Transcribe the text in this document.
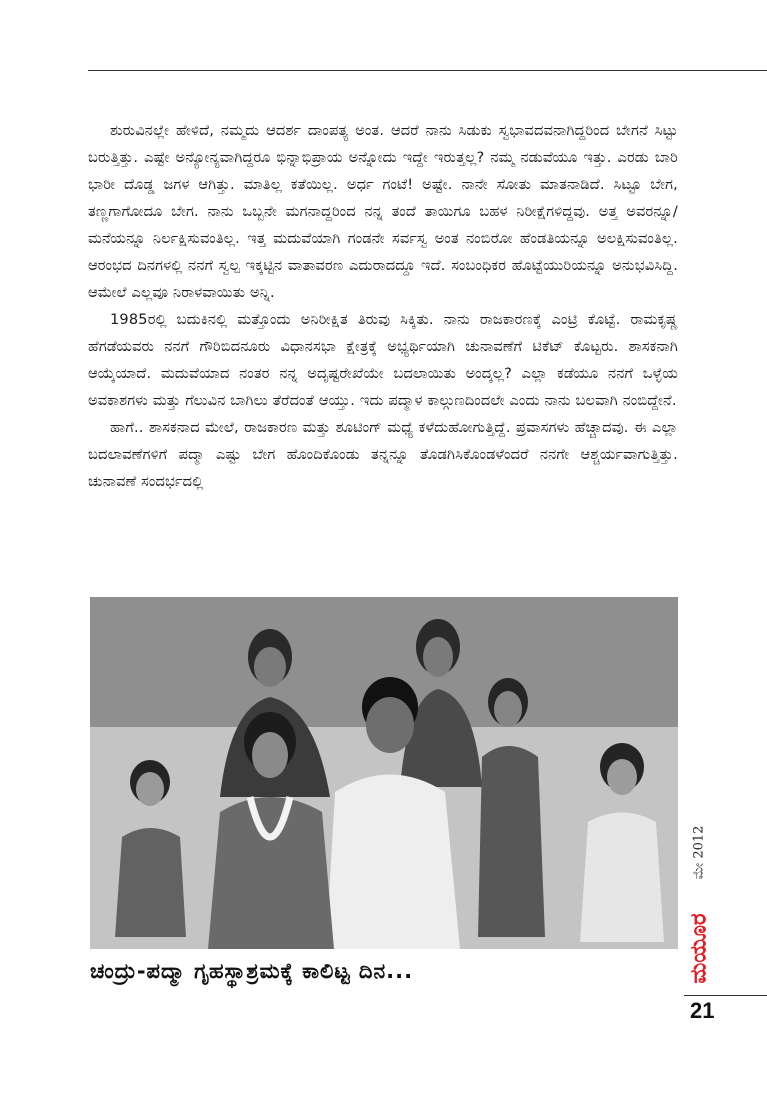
ಶುರುವಿನಲ್ಲೇ ಹೇಳಿದೆ, ನಮ್ಮದು ಆದರ್ಶ ದಾಂಪತ್ಯ ಅಂತ. ಆದರೆ ನಾನು ಸಿಡುಕು ಸ್ವಭಾವದವನಾಗಿದ್ದರಿಂದ ಬೇಗನೆ ಸಿಟ್ಟು ಬರುತ್ತಿತ್ತು. ಎಷ್ಟೇ ಅನ್ಯೋನ್ಯವಾಗಿದ್ದರೂ ಭಿನ್ನಾಭಿಪ್ರಾಯ ಅನ್ನೋದು ಇದ್ದೇ ಇರುತ್ತಲ್ಲ? ನಮ್ಮ ನಡುವೆಯೂ ಇತ್ತು. ಎರಡು ಬಾರಿ ಭಾರೀ ದೊಡ್ಡ ಜಗಳ ಆಗಿತ್ತು. ಮಾತಿಲ್ಲ ಕತೆಯಿಲ್ಲ. ಅರ್ಧ ಗಂಟೆ! ಅಷ್ಟೇ. ನಾನೇ ಸೋತು ಮಾತನಾಡಿದೆ. ಸಿಟ್ಟೂ ಬೇಗ, ತಣ್ಣಗಾಗೋದೂ ಬೇಗ. ನಾನು ಒಬ್ಬನೇ ಮಗನಾದ್ದರಿಂದ ನನ್ನ ತಂದೆ ತಾಯಿಗೂ ಬಹಳ ನಿರೀಕ್ಷೆಗಳಿದ್ದವು. ಅತ್ತ ಅವರನ್ನೂ/ಮನೆಯನ್ನೂ ನಿರ್ಲಕ್ಷಿಸುವಂತಿಲ್ಲ. ಇತ್ತ ಮದುವೆಯಾಗಿ ಗಂಡನೇ ಸರ್ವಸ್ವ ಅಂತ ನಂಬಿರೋ ಹೆಂಡತಿಯನ್ನೂ ಅಲಕ್ಷಿಸುವಂತಿಲ್ಲ. ಆರಂಭದ ದಿನಗಳಲ್ಲಿ ನನಗೆ ಸ್ವಲ್ಪ ಇಕ್ಕಟ್ಟಿನ ವಾತಾವರಣ ಎದುರಾದದ್ದೂ ಇದೆ. ಸಂಬಂಧಿಕರ ಹೊಟ್ಟೆಯುರಿಯನ್ನೂ ಅನುಭವಿಸಿದ್ದಿ. ಆಮೇಲೆ ಎಲ್ಲವೂ ನಿರಾಳವಾಯಿತು ಅನ್ನಿ.

1985ರಲ್ಲಿ ಬದುಕಿನಲ್ಲಿ ಮತ್ತೊಂದು ಅನಿರೀಕ್ಷಿತ ತಿರುವು ಸಿಕ್ಕಿತು. ನಾನು ರಾಜಕಾರಣಕ್ಕೆ ಎಂಟ್ರಿ ಕೊಟ್ಟೆ. ರಾಮಕೃಷ್ಣ ಹೆಗಡೆಯವರು ನನಗೆ ಗೌರಿಬಿದನೂರು ವಿಧಾನಸಭಾ ಕ್ಷೇತ್ರಕ್ಕೆ ಅಭ್ಯರ್ಥಿಯಾಗಿ ಚುನಾವಣೆಗೆ ಟಿಕೆಟ್ ಕೊಟ್ಟರು. ಶಾಸಕನಾಗಿ ಆಯ್ಕೆಯಾದೆ. ಮದುವೆಯಾದ ನಂತರ ನನ್ನ ಅದೃಷ್ಟರೇಖೆಯೇ ಬದಲಾಯಿತು ಅಂದ್ಕಲ್ಲ? ಎಲ್ಲಾ ಕಡೆಯೂ ನನಗೆ ಒಳ್ಳೆಯ ಅವಕಾಶಗಳು ಮತ್ತು ಗೆಲುವಿನ ಬಾಗಿಲು ತೆರೆದಂತೆ ಆಯ್ತು. ಇದು ಪದ್ಮಾಳ ಕಾಲ್ಗುಣದಿಂದಲೇ ಎಂದು ನಾನು ಬಲವಾಗಿ ನಂಬಿದ್ದೇನೆ.

ಹಾಗೆ.. ಶಾಸಕನಾದ ಮೇಲೆ, ರಾಜಕಾರಣ ಮತ್ತು ಶೂಟಿಂಗ್ ಮಧ್ಯೆ ಕಳೆದುಹೋಗುತ್ತಿದ್ದೆ. ಪ್ರವಾಸಗಳು ಹೆಚ್ಚಾದವು. ಈ ಎಲ್ಲಾ ಬದಲಾವಣೆಗಳಿಗೆ ಪದ್ಮಾ ಎಷ್ಟು ಬೇಗ ಹೊಂದಿಕೊಂಡು ತನ್ನನ್ನೂ ತೊಡಗಿಸಿಕೊಂಡಳೆಂದರೆ ನನಗೇ ಆಶ್ಚರ್ಯವಾಗುತ್ತಿತ್ತು. ಚುನಾವಣೆ ಸಂದರ್ಭದಲ್ಲಿ

ಚಂದ್ರು-ಪದ್ಮಾ ಗೃಹಸ್ಥಾಶ್ರಮಕ್ಕೆ ಕಾಲಿಟ್ಟ ದಿನ...
ಮೇ 2012
ಮಯೂರ
21
